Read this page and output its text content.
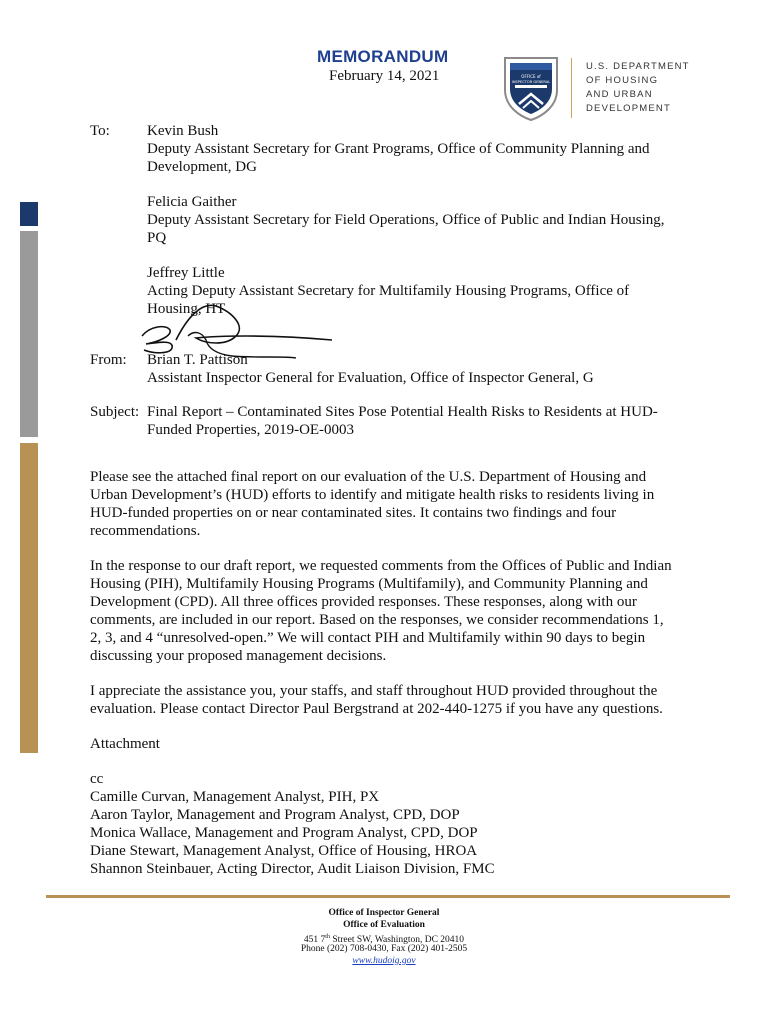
MEMORANDUM
February 14, 2021	OFFICE of
INSPECTOR GENERAL
U.S. DEPARTMENT
OF HOUSING
AND URBAN
DEVELOPMENT
To: Kevin Bush
Deputy Assistant Secretary for Grant Programs, Office of Community Planning and
Development, DG
Felicia Gaither
Deputy Assistant Secretary for Field Operations, Office of Public and Indian Housing,
PQ
Jeffrey Little
Acting Deputy Assistant Secretary for Multifamily Housing Programs, Office of
Housing, HT
From: Brian T. Pattison
Assistant Inspector General for Evaluation, Office of Inspector General, G
Subject: Final Report – Contaminated Sites Pose Potential Health Risks to Residents at HUD-
Funded Properties, 2019-OE-0003
Please see the attached final report on our evaluation of the U.S. Department of Housing and
Urban Development’s (HUD) efforts to identify and mitigate health risks to residents living in
HUD-funded properties on or near contaminated sites. It contains two findings and four
recommendations.
In the response to our draft report, we requested comments from the Offices of Public and Indian
Housing (PIH), Multifamily Housing Programs (Multifamily), and Community Planning and
Development (CPD). All three offices provided responses. These responses, along with our
comments, are included in our report. Based on the responses, we consider recommendations 1,
2, 3, and 4 “unresolved-open.” We will contact PIH and Multifamily within 90 days to begin
discussing your proposed management decisions.
I appreciate the assistance you, your staffs, and staff throughout HUD provided throughout the
evaluation. Please contact Director Paul Bergstrand at 202-440-1275 if you have any questions.
Attachment
cc
Camille Curvan, Management Analyst, PIH, PX
Aaron Taylor, Management and Program Analyst, CPD, DOP
Monica Wallace, Management and Program Analyst, CPD, DOP
Diane Stewart, Management Analyst, Office of Housing, HROA
Shannon Steinbauer, Acting Director, Audit Liaison Division, FMC
Office of Inspector General
Office of Evaluation
451 7th Street SW, Washington, DC 20410
Phone (202) 708-0430, Fax (202) 401-2505
www.hudoig.gov
